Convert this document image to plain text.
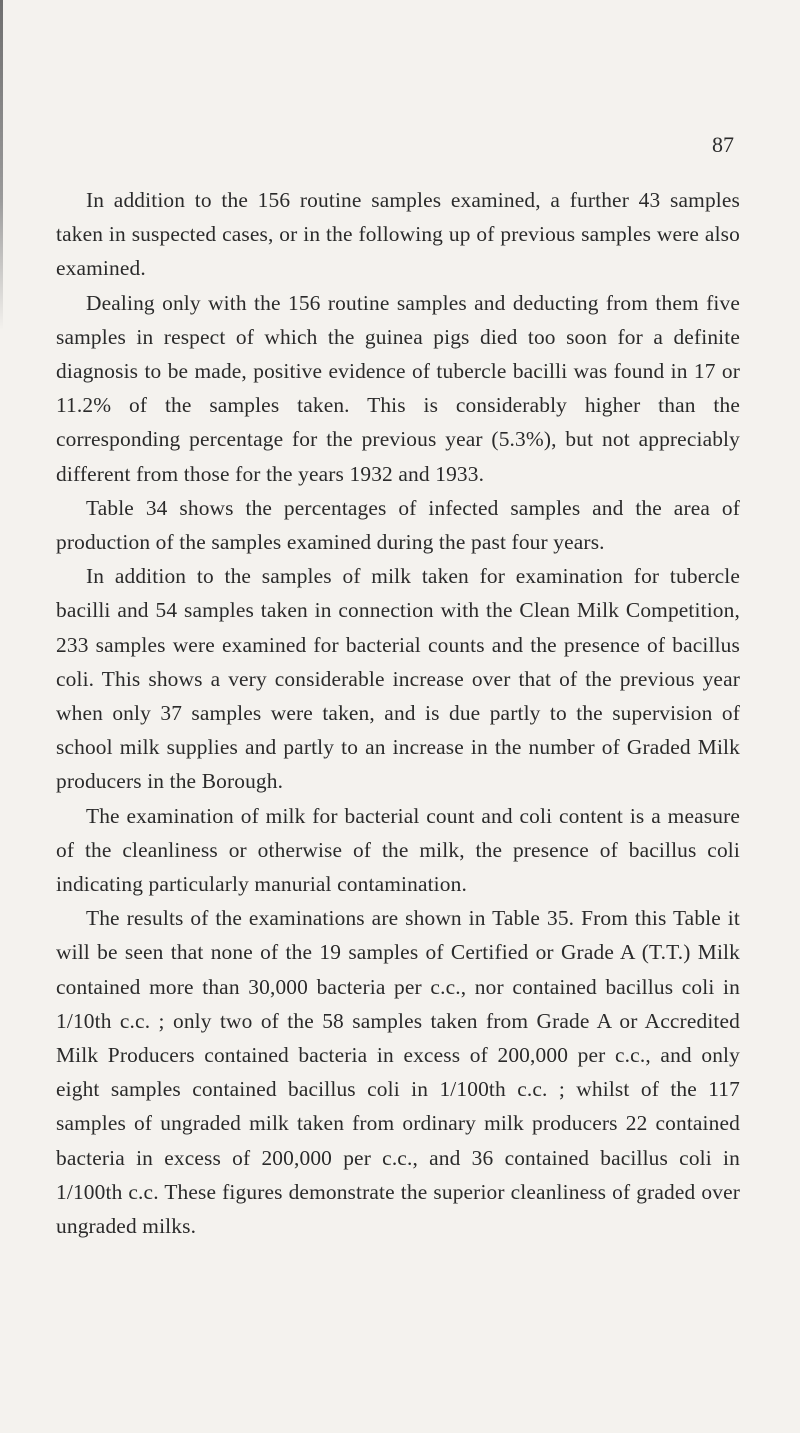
87

In addition to the 156 routine samples examined, a further 43 samples taken in suspected cases, or in the following up of previous samples were also examined.

Dealing only with the 156 routine samples and deducting from them five samples in respect of which the guinea pigs died too soon for a definite diagnosis to be made, positive evidence of tubercle bacilli was found in 17 or 11.2% of the samples taken. This is considerably higher than the corresponding percentage for the previous year (5.3%), but not appreciably different from those for the years 1932 and 1933.

Table 34 shows the percentages of infected samples and the area of production of the samples examined during the past four years.

In addition to the samples of milk taken for examination for tubercle bacilli and 54 samples taken in connection with the Clean Milk Competition, 233 samples were examined for bacterial counts and the presence of bacillus coli. This shows a very considerable increase over that of the previous year when only 37 samples were taken, and is due partly to the supervision of school milk supplies and partly to an increase in the number of Graded Milk producers in the Borough.

The examination of milk for bacterial count and coli content is a measure of the cleanliness or otherwise of the milk, the presence of bacillus coli indicating particularly manurial contamination.

The results of the examinations are shown in Table 35. From this Table it will be seen that none of the 19 samples of Certified or Grade A (T.T.) Milk contained more than 30,000 bacteria per c.c., nor contained bacillus coli in 1/10th c.c. ; only two of the 58 samples taken from Grade A or Accredited Milk Producers contained bacteria in excess of 200,000 per c.c., and only eight samples contained bacillus coli in 1/100th c.c. ; whilst of the 117 samples of ungraded milk taken from ordinary milk producers 22 contained bacteria in excess of 200,000 per c.c., and 36 contained bacillus coli in 1/100th c.c. These figures demonstrate the superior cleanliness of graded over ungraded milks.
